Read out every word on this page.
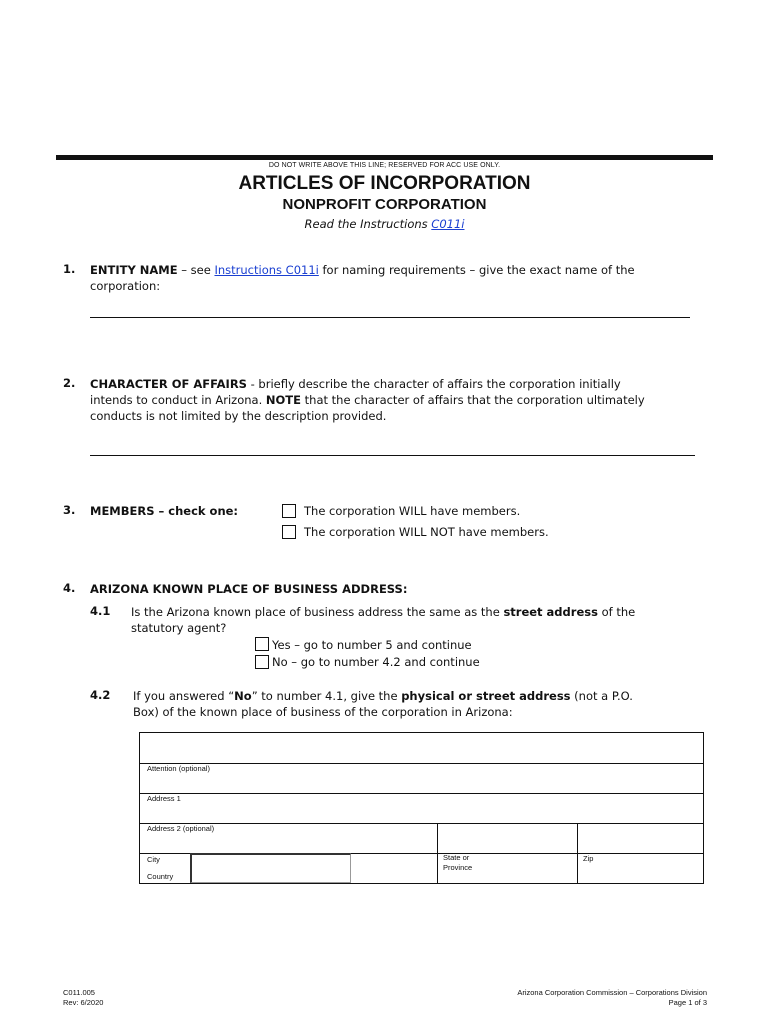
DO NOT WRITE ABOVE THIS LINE; RESERVED FOR ACC USE ONLY.
ARTICLES OF INCORPORATION
NONPROFIT CORPORATION
Read the Instructions C011i
1. ENTITY NAME – see Instructions C011i for naming requirements – give the exact name of the
corporation:
2. CHARACTER OF AFFAIRS - briefly describe the character of affairs the corporation initially
intends to conduct in Arizona. NOTE that the character of affairs that the corporation ultimately
conducts is not limited by the description provided.
3. MEMBERS – check one:	The corporation WILL have members.
The corporation WILL NOT have members.
4. ARIZONA KNOWN PLACE OF BUSINESS ADDRESS:
4.1 Is the Arizona known place of business address the same as the street address of the
statutory agent?
Yes – go to number 5 and continue
No – go to number 4.2 and continue
4.2 If you answered “No” to number 4.1, give the physical or street address (not a P.O.
Box) of the known place of business of the corporation in Arizona:
Attention (optional)
Address 1
Address 2 (optional)
City	State or
Province
Zip
Country
C011.005
Rev: 6/2020
Arizona Corporation Commission – Corporations Division
Page 1 of 3
